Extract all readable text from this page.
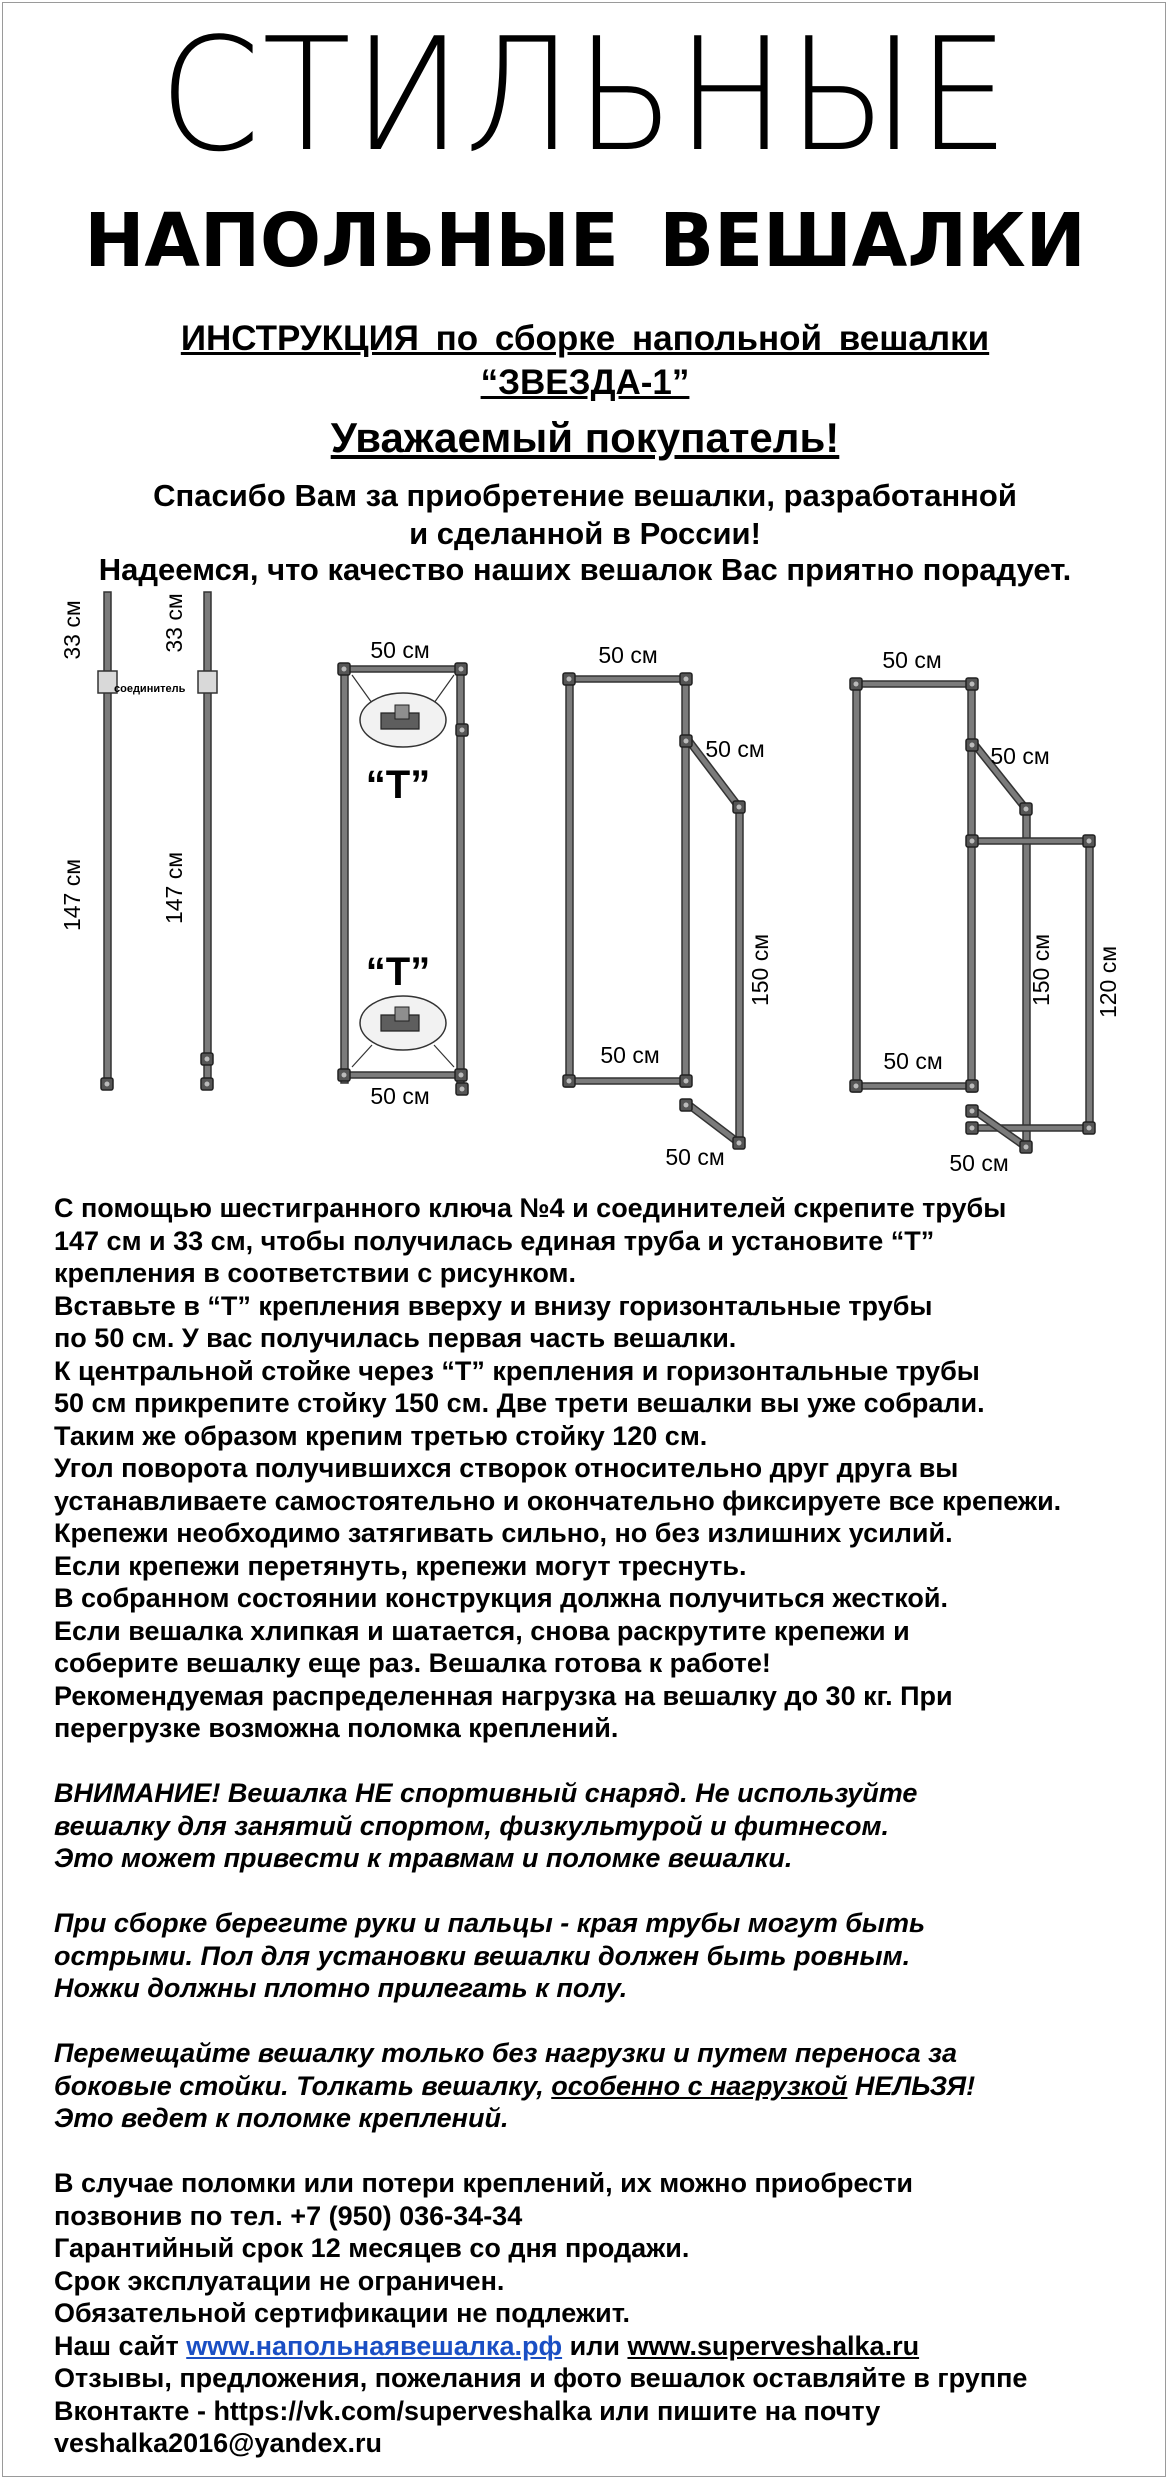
СТИЛЬНЫЕ
НАПОЛЬНЫЕ ВЕШАЛКИ
ИНСТРУКЦИЯ по сборке напольной вешалки
“ЗВЕЗДА-1”
Уважаемый покупатель!
Спасибо Вам за приобретение вешалки, разработанной
и сделанной в России!
Надеемся, что качество наших вешалок Вас приятно порадует.
33 см
147 см
33 см
147 см
соединитель
50 см
50 см
“Т”
“Т”
50 см
50 см
50 см
150 см
50 см
50 см
50 см
50 см
150 см 120 см
50 см
С помощью шестигранного ключа №4 и соединителей скрепите трубы
147 см и 33 см, чтобы получилась единая труба и установите “Т”
крепления в соответствии с рисунком.
Вставьте в “Т” крепления вверху и внизу горизонтальные трубы
по 50 см. У вас получилась первая часть вешалки.
К центральной стойке через “Т” крепления и горизонтальные трубы
50 см прикрепите стойку 150 см. Две трети вешалки вы уже собрали.
Таким же образом крепим третью стойку 120 см.
Угол поворота получившихся створок относительно друг друга вы
устанавливаете самостоятельно и окончательно фиксируете все крепежи.
Крепежи необходимо затягивать сильно, но без излишних усилий.
Если крепежи перетянуть, крепежи могут треснуть.
В собранном состоянии конструкция должна получиться жесткой.
Если вешалка хлипкая и шатается, снова раскрутите крепежи и
соберите вешалку еще раз. Вешалка готова к работе!
Рекомендуемая распределенная нагрузка на вешалку до 30 кг. При
перегрузке возможна поломка креплений.
ВНИМАНИЕ! Вешалка НЕ спортивный снаряд. Не используйте
вешалку для занятий спортом, физкультурой и фитнесом.
Это может привести к травмам и поломке вешалки.
При сборке берегите руки и пальцы - края трубы могут быть
острыми. Пол для установки вешалки должен быть ровным.
Ножки должны плотно прилегать к полу.
Перемещайте вешалку только без нагрузки и путем переноса за
боковые стойки. Толкать вешалку, особенно с нагрузкой НЕЛЬЗЯ!
Это ведет к поломке креплений.
В случае поломки или потери креплений, их можно приобрести
позвонив по тел. +7 (950) 036-34-34
Гарантийный срок 12 месяцев со дня продажи.
Срок эксплуатации не ограничен.
Обязательной сертификации не подлежит.
Наш сайт www.напольнаявешалка.рф или www.superveshalka.ru
Отзывы, предложения, пожелания и фото вешалок оставляйте в группе
Вконтакте - https://vk.com/superveshalka или пишите на почту
veshalka2016@yandex.ru
